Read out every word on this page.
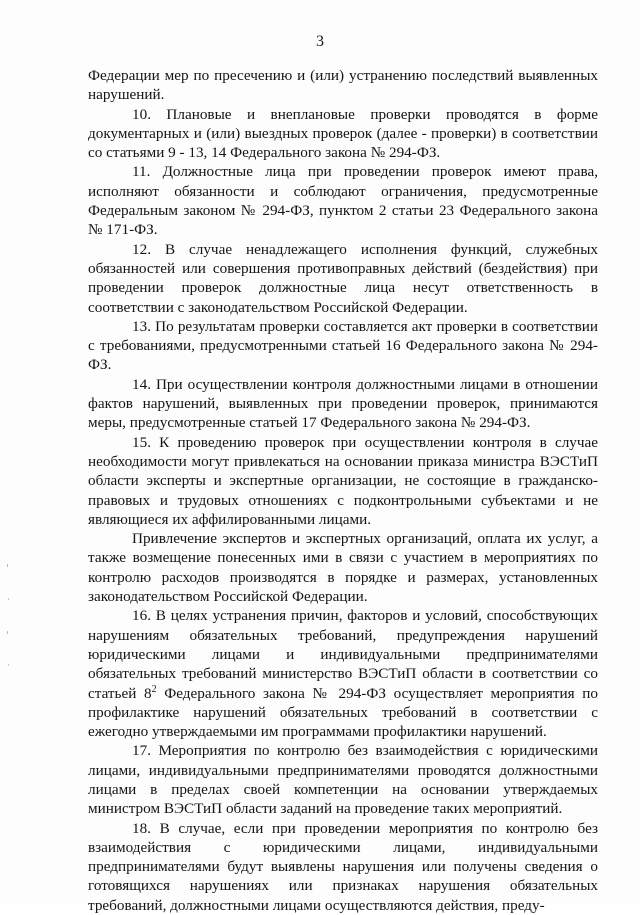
3

Федерации мер по пресечению и (или) устранению последствий выявленных нарушений.

10. Плановые и внеплановые проверки проводятся в форме документарных и (или) выездных проверок (далее - проверки) в соответствии со статьями 9 - 13, 14 Федерального закона № 294-ФЗ.

11. Должностные лица при проведении проверок имеют права, исполняют обязанности и соблюдают ограничения, предусмотренные Федеральным законом № 294-ФЗ, пунктом 2 статьи 23 Федерального закона № 171-ФЗ.

12. В случае ненадлежащего исполнения функций, служебных обязанностей или совершения противоправных действий (бездействия) при проведении проверок должностные лица несут ответственность в соответствии с законодательством Российской Федерации.

13. По результатам проверки составляется акт проверки в соответствии с требованиями, предусмотренными статьей 16 Федерального закона № 294-ФЗ.

14. При осуществлении контроля должностными лицами в отношении фактов нарушений, выявленных при проведении проверок, принимаются меры, предусмотренные статьей 17 Федерального закона № 294-ФЗ.

15. К проведению проверок при осуществлении контроля в случае необходимости могут привлекаться на основании приказа министра ВЭСТиП области эксперты и экспертные организации, не состоящие в гражданско-правовых и трудовых отношениях с подконтрольными субъектами и не являющиеся их аффилированными лицами.

Привлечение экспертов и экспертных организаций, оплата их услуг, а также возмещение понесенных ими в связи с участием в мероприятиях по контролю расходов производятся в порядке и размерах, установленных законодательством Российской Федерации.

16. В целях устранения причин, факторов и условий, способствующих нарушениям обязательных требований, предупреждения нарушений юридическими лицами и индивидуальными предпринимателями обязательных требований министерство ВЭСТиП области в соответствии со статьей $8^2$ Федерального закона № 294-ФЗ осуществляет мероприятия по профилактике нарушений обязательных требований в соответствии с ежегодно утверждаемыми им программами профилактики нарушений.

17. Мероприятия по контролю без взаимодействия с юридическими лицами, индивидуальными предпринимателями проводятся должностными лицами в пределах своей компетенции на основании утверждаемых министром ВЭСТиП области заданий на проведение таких мероприятий.

18. В случае, если при проведении мероприятия по контролю без взаимодействия с юридическими лицами, индивидуальными предпринимателями будут выявлены нарушения или получены сведения о готовящихся нарушениях или признаках нарушения обязательных требований, должностными лицами осуществляются действия, преду-
